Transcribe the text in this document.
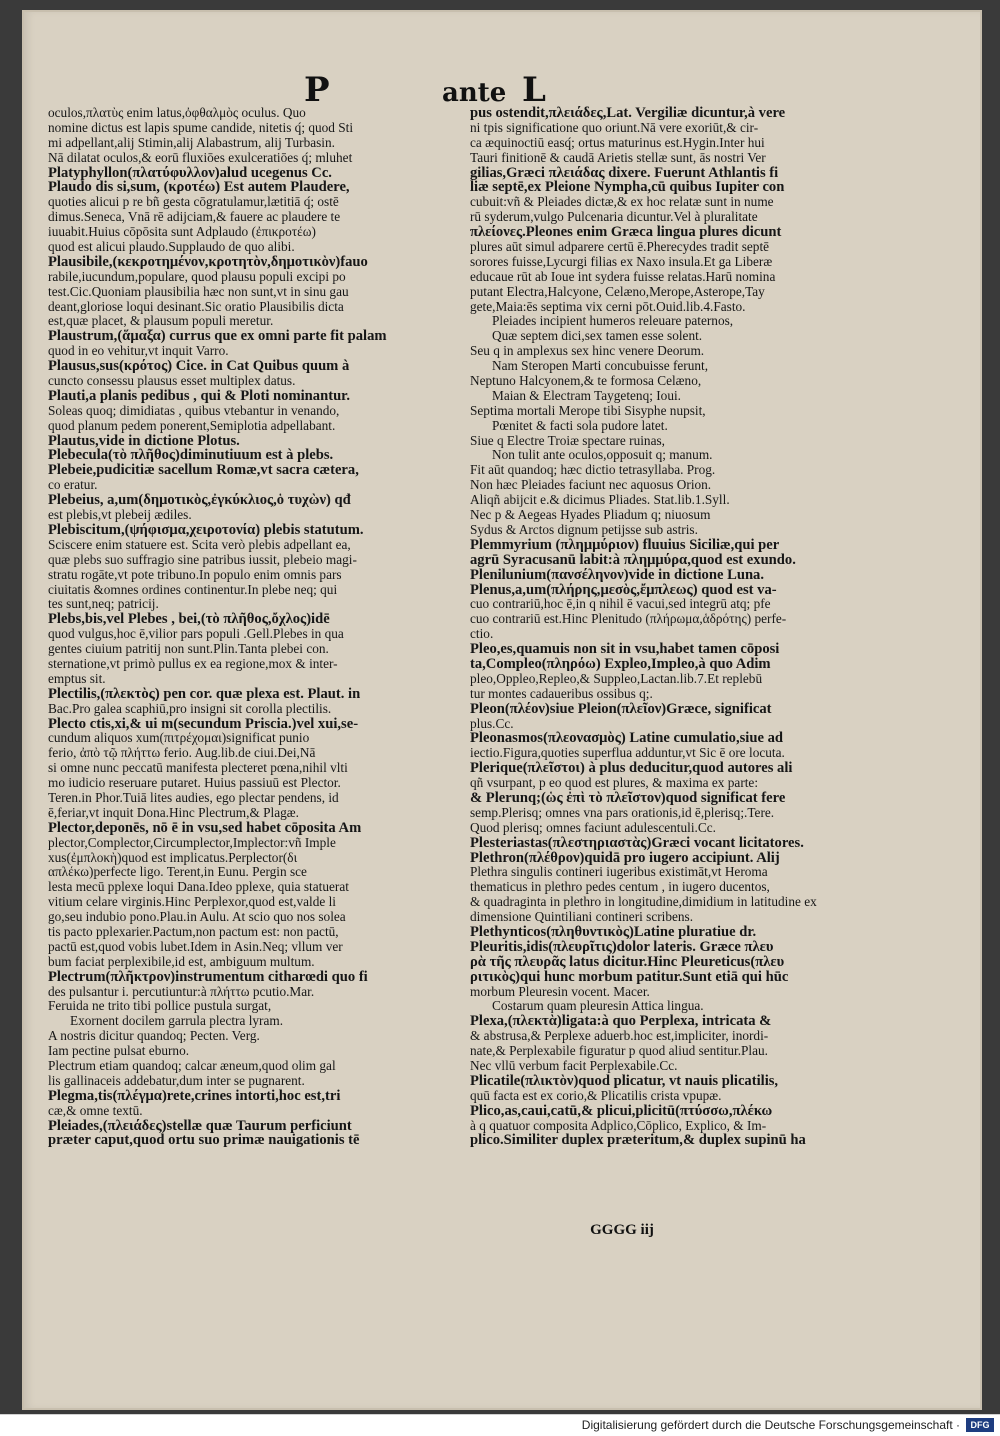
P	ante L
oculos,πλατὺς enim latus,ὀφθαλμὸς oculus. Quo
nomine dictus est lapis spume candide, nitetis q́; quod Sti
mi adpellant,alij Stimin,alij Alabastrum, alij Turbasin.
Nā dilatat oculos,& eorū fluxiōes exulceratiōes q́; mluhet
Platyphyllon(πλατύφυλλον)alud ucegenus Cc.
Plaudo dis si,sum, (κροτέω) Est autem Plaudere,
quoties alicui p re bñ gesta cōgratulamur,lætitiā q́; ostē
dimus.Seneca, Vnā rē adijciam,& fauere ac plaudere te
iuuabit.Huius cōpōsita sunt Adplaudo (ἐπικροτέω)
quod est alicui plaudo.Supplaudo de quo alibi.
Plausibile,(κεκροτημένον,κροτητὸν,δημοτικὸν)fauo
rabile,iucundum,populare, quod plausu populi excipi po
test.Cic.Quoniam plausibilia hæc non sunt,vt in sinu gau
deant,gloriose loqui desinant.Sic oratio Plausibilis dicta
est,quæ placet, & plausum populi meretur.
Plaustrum,(ἅμαξα) currus que ex omni parte fit palam
quod in eo vehitur,vt inquit Varro.
Plausus,sus(κρότος) Cice. in Cat Quibus quum à
cuncto consessu plausus esset multiplex datus.
Plauti,a planis pedibus , qui & Ploti nominantur.
Soleas quoq; dimidiatas , quibus vtebantur in venando,
quod planum pedem ponerent,Semiplotia adpellabant.
Plautus,vide in dictione Plotus.
Plebecula(τὸ πλῆθος)diminutiuum est à plebs.
Plebeie,pudicitiæ sacellum Romæ,vt sacra cætera,
co eratur.
Plebeius, a,um(δημοτικὸς,ἐγκύκλιος,ὁ τυχὼν) qđ
est plebis,vt plebeij ædiles.
Plebiscitum,(ψήφισμα,χειροτονία) plebis statutum.
Sciscere enim statuere est. Scita verò plebis adpellant ea,
quæ plebs suo suffragio sine patribus iussit, plebeio magi-
stratu rogāte,vt pote tribuno.In populo enim omnis pars
ciuitatis &omnes ordines continentur.In plebe neq; qui
tes sunt,neq; patricij.
Plebs,bis,vel Plebes , bei,(τὸ πλῆθος,ὄχλος)idē
quod vulgus,hoc ē,vilior pars populi .Gell.Plebes in qua
gentes ciuium patritij non sunt.Plin.Tanta plebei con.
sternatione,vt primò pullus ex ea regione,mox & inter-
emptus sit.
Plectilis,(πλεκτὸς) pen cor. quæ plexa est. Plaut. in
Bac.Pro galea scaphiū,pro insigni sit corolla plectilis.
Plecto ctis,xi,& ui m(secundum Priscia.)vel xui,se-
cundum aliquos xum(πιτρέχομαι)significat punio
ferio, ἀπὸ τῷ πλήττω ferio. Aug.lib.de ciui.Dei,Nā
si omne nunc peccatū manifesta plecteret pœna,nihil vlti
mo iudicio reseruare putaret. Huius passiuū est Plector.
Teren.in Phor.Tuiā lites audies, ego plectar pendens, id
ē,feriar,vt inquit Dona.Hinc Plectrum,& Plagæ.
Plector,deponēs, nō ē in vsu,sed habet cōposita Am
plector,Complector,Circumplector,Implector:vñ Imple
xus(ἐμπλοκὴ)quod est implicatus.Perplector(δι
απλέκω)perfecte ligo. Terent,in Eunu. Pergin sce
lesta mecū pplexe loqui Dana.Ideo pplexe, quia statuerat
vitium celare virginis.Hinc Perplexor,quod est,valde li
go,seu indubio pono.Plau.in Aulu. At scio quo nos solea
tis pacto pplexarier.Pactum,non pactum est: non pactū,
pactū est,quod vobis lubet.Idem in Asin.Neq; vllum ver
bum faciat perplexibile,id est, ambiguum multum.
Plectrum(πλῆκτρον)instrumentum citharœdi quo fi
des pulsantur i. percutiuntur:à πλήττω pcutio.Mar.
Feruida ne trito tibi pollice pustula surgat,
Exornent docilem garrula plectra lyram.
A nostris dicitur quandoq; Pecten. Verg.
Iam pectine pulsat eburno.
Plectrum etiam quandoq; calcar æneum,quod olim gal
lis gallinaceis addebatur,dum inter se pugnarent.
Plegma,tis(πλέγμα)rete,crines intorti,hoc est,tri
cæ,& omne textū.
Pleiades,(πλειάδες)stellæ quæ Taurum perficiunt
præter caput,quod ortu suo primæ nauigationis tē
pus ostendit,πλειάδες,Lat. Vergiliæ dicuntur,à vere
ni tpis significatione quo oriunt.Nā vere exoriūt,& cir-
ca æquinoctiū easq́; ortus maturinus est.Hygin.Inter hui
Tauri finitionē & caudā Arietis stellæ sunt, ās nostri Ver
gilias,Græci πλειάδας dixere. Fuerunt Athlantis fi
liæ septē,ex Pleione Nympha,cū quibus Iupiter con
cubuit:vñ & Pleiades dictæ,& ex hoc relatæ sunt in nume
rū syderum,vulgo Pulcenaria dicuntur.Vel à pluralitate
πλείονες.Pleones enim Græca lingua plures dicunt
plures aūt simul adparere certū ē.Pherecydes tradit septē
sorores fuisse,Lycurgi filias ex Naxo insula.Et ga Liberæ
educaue rūt ab Ioue int sydera fuisse relatas.Harū nomina
putant Electra,Halcyone, Celæno,Merope,Asterope,Tay
gete,Maia:ēs septima vix cerni pōt.Ouid.lib.4.Fasto.
Pleiades incipient humeros releuare paternos,
Quæ septem dici,sex tamen esse solent.
Seu q in amplexus sex hinc venere Deorum.
Nam Steropen Marti concubuisse ferunt,
Neptuno Halcyonem,& te formosa Celæno,
Maian & Electram Taygetenq; Ioui.
Septima mortali Merope tibi Sisyphe nupsit,
Pœnitet & facti sola pudore latet.
Siue q Electre Troiæ spectare ruinas,
Non tulit ante oculos,opposuit q; manum.
Fit aūt quandoq; hæc dictio tetrasyllaba. Prog.
Non hæc Pleiades faciunt nec aquosus Orion.
Aliqñ abijcit e.& dicimus Pliades. Stat.lib.1.Syll.
Nec p & Aegeas Hyades Pliadum q; niuosum
Sydus & Arctos dignum petijsse sub astris.
Plemmyrium (πλημμύριον) fluuius Siciliæ,qui per
agrū Syracusanū labit:à πλημμύρα,quod est exundo.
Plenilunium(πανσέληνον)vide in dictione Luna.
Plenus,a,um(πλήρης,μεσὸς,ἔμπλεως) quod est va-
cuo contrariū,hoc ē,in q nihil ē vacui,sed integrū atq; pfe
cuo contrariū est.Hinc Plenitudo (πλήρωμα,ἁδρότης) perfe-
ctio.
Pleo,es,quamuis non sit in vsu,habet tamen cōposi
ta,Compleo(πληρόω) Expleo,Impleo,à quo Adim
pleo,Oppleo,Repleo,& Suppleo,Lactan.lib.7.Et replebū
tur montes cadaueribus ossibus q;.
Pleon(πλέον)siue Pleion(πλεῖον)Græce, significat
plus.Cc.
Pleonasmos(πλεονασμὸς) Latine cumulatio,siue ad
iectio.Figura,quoties superflua adduntur,vt Sic ē ore locuta.
Plerique(πλεῖστοι) à plus deducitur,quod autores ali
qñ vsurpant, p eo quod est plures, & maxima ex parte:
& Plerunq;(ὡς ἐπὶ τὸ πλεῖστον)quod significat fere
semp.Plerisq; omnes vna pars orationis,id ē,plerisq;.Tere.
Quod plerisq; omnes faciunt adulescentuli.Cc.
Plesteriastas(πλεστηριαστὰς)Græci vocant licitatores.
Plethron(πλέθρον)quidā pro iugero accipiunt. Alij
Plethra singulis contineri iugeribus existimāt,vt Heroma
thematicus in plethro pedes centum , in iugero ducentos,
& quadraginta in plethro in longitudine,dimidium in latitudine ex
dimensione Quintiliani contineri scribens.
Plethynticos(πληθυντικὸς)Latine pluratiue dr.
Pleuritis,idis(πλευρῖτις)dolor lateris. Græce πλευ
ρὰ τῆς πλευρᾶς latus dicitur.Hinc Pleureticus(πλευ
ριτικὸς)qui hunc morbum patitur.Sunt etiā qui hūc
morbum Pleuresin vocent. Macer.
Costarum quam pleuresin Attica lingua.
Plexa,(πλεκτὰ)ligata:à quo Perplexa, intricata &
& abstrusa,& Perplexe aduerb.hoc est,impliciter, inordi-
nate,& Perplexabile figuratur p quod aliud sentitur.Plau.
Nec vllū verbum facit Perplexabile.Cc.
Plicatile(πλικτὸν)quod plicatur, vt nauis plicatilis,
quū facta est ex corio,& Plicatilis crista vpupæ.
Plico,as,caui,catū,& plicui,plicitū(πτύσσω,πλέκω
à q quatuor composita Adplico,Cōplico, Explico, & Im-
plico.Similiter duplex præteritum,& duplex supinū ha
GGGG iij
Digitalisierung gefördert durch die Deutsche Forschungsgemeinschaft ·	DFG
